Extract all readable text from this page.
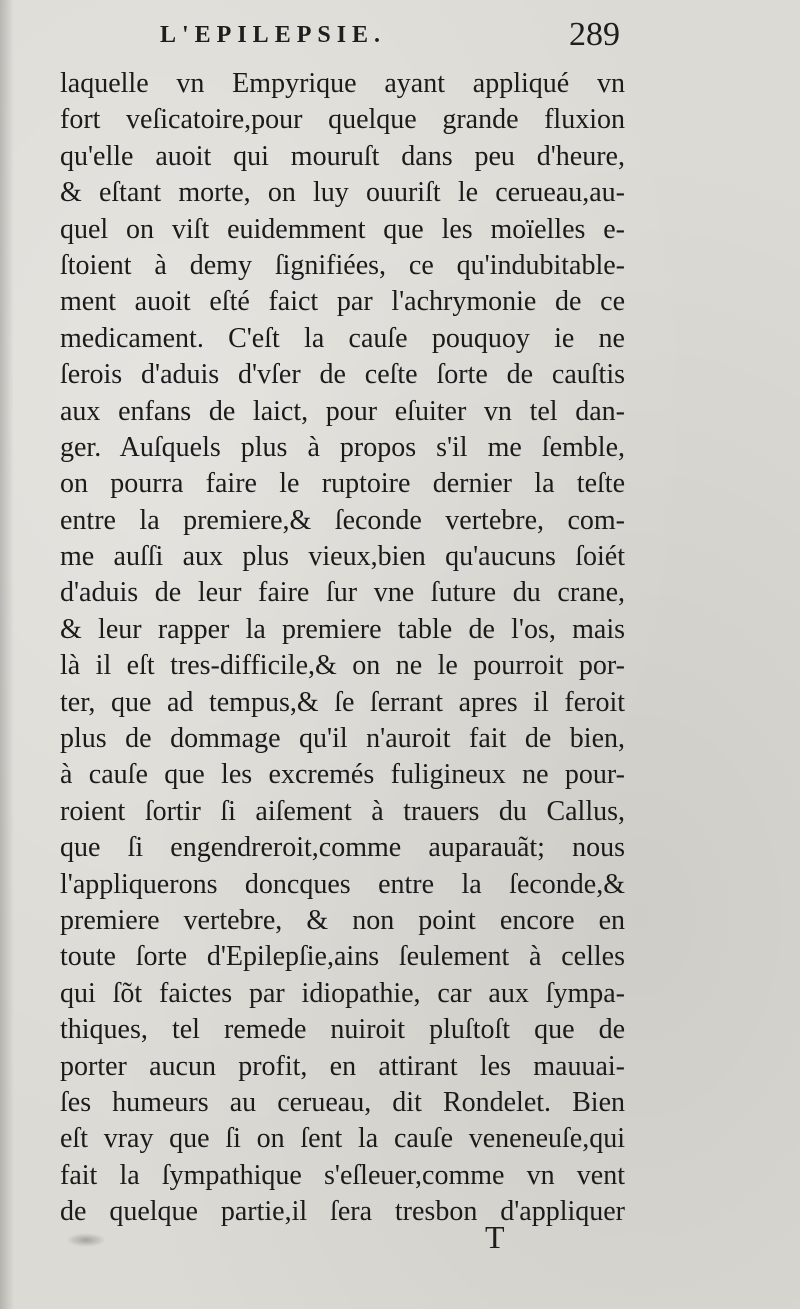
L'EPILEPSIE.	289
laquelle vn Empyrique ayant appliqué vn
fort veſicatoire,pour quelque grande fluxion
qu'elle auoit qui mouruſt dans peu d'heure,
& eſtant morte, on luy ouuriſt le cerueau,au-
quel on viſt euidemment que les moïelles e-
ſtoient à demy ſignifiées, ce qu'indubitable-
ment auoit eſté faict par l'achrymonie de ce
medicament. C'eſt la cauſe pouquoy ie ne
ſerois d'aduis d'vſer de ceſte ſorte de cauſtis
aux enfans de laict, pour eſuiter vn tel dan-
ger. Auſquels plus à propos s'il me ſemble,
on pourra faire le ruptoire dernier la teſte
entre la premiere,& ſeconde vertebre, com-
me auſſi aux plus vieux,bien qu'aucuns ſoiét
d'aduis de leur faire ſur vne ſuture du crane,
& leur rapper la premiere table de l'os, mais
là il eſt tres-difficile,& on ne le pourroit por-
ter, que ad tempus,& ſe ſerrant apres il feroit
plus de dommage qu'il n'auroit fait de bien,
à cauſe que les excremés fuligineux ne pour-
roient ſortir ſi aiſement à trauers du Callus,
que ſi engendreroit,comme auparauãt; nous
l'appliquerons doncques entre la ſeconde,&
premiere vertebre, & non point encore en
toute ſorte d'Epilepſie,ains ſeulement à celles
qui ſõt faictes par idiopathie, car aux ſympa-
thiques, tel remede nuiroit pluſtoſt que de
porter aucun profit, en attirant les mauuai-
ſes humeurs au cerueau, dit Rondelet. Bien
eſt vray que ſi on ſent la cauſe veneneuſe,qui
fait la ſympathique s'eſleuer,comme vn vent
de quelque partie,il ſera tresbon d'appliquer
T
